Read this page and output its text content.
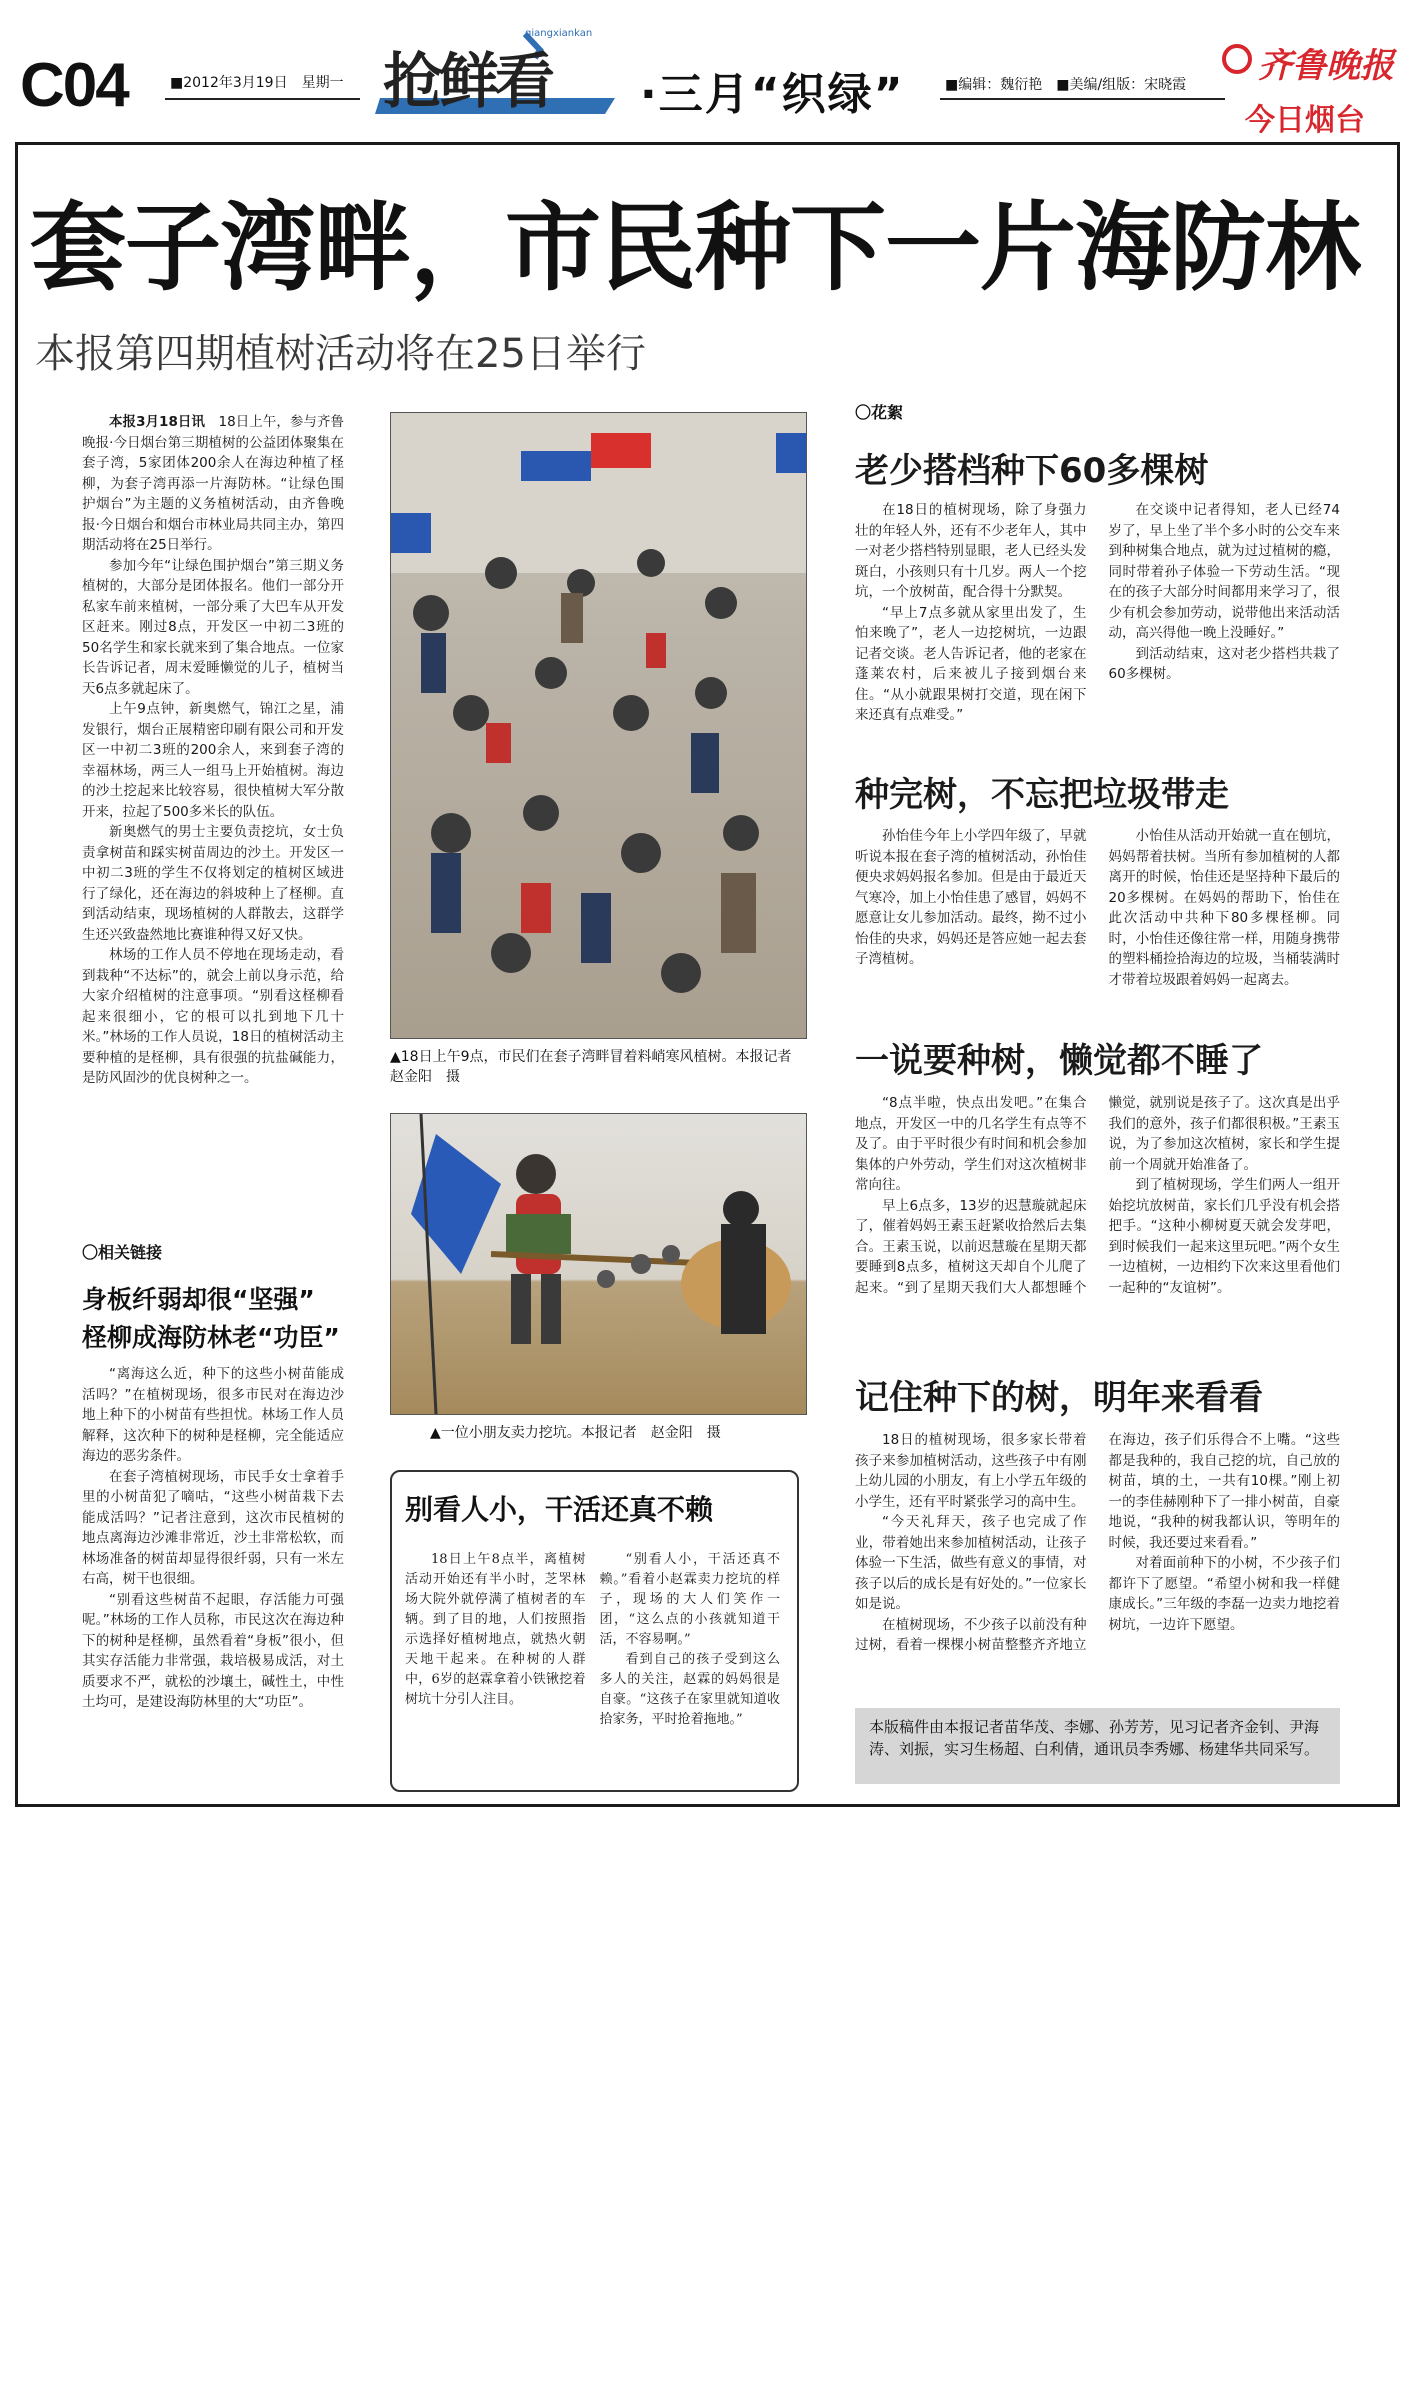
C04	■2012年3月19日　星期一 抢鲜看
qiangxiankan
·三月“织绿”	■编辑：魏衍艳　■美编/组版：宋晓霞 齐鲁晚报
今日烟台
套子湾畔，市民种下一片海防林
本报第四期植树活动将在25日举行

本报3月18日讯　 18日上午，参与齐鲁晚报·今日烟台第三期植树的公益团体聚集在套子湾，5家团体200余人在海边种植了柽柳，为套子湾再添一片海防林。“让绿色围护烟台”为主题的义务植树活动，由齐鲁晚报·今日烟台和烟台市林业局共同主办，第四期活动将在25日举行。

参加今年“让绿色围护烟台”第三期义务植树的，大部分是团体报名。他们一部分开私家车前来植树，一部分乘了大巴车从开发区赶来。刚过8点，开发区一中初二3班的50名学生和家长就来到了集合地点。一位家长告诉记者，周末爱睡懒觉的儿子，植树当天6点多就起床了。

上午9点钟，新奥燃气，锦江之星，浦发银行，烟台正展精密印刷有限公司和开发区一中初二3班的200余人，来到套子湾的幸福林场，两三人一组马上开始植树。海边的沙土挖起来比较容易，很快植树大军分散开来，拉起了500多米长的队伍。

新奥燃气的男士主要负责挖坑，女士负责拿树苗和踩实树苗周边的沙土。开发区一中初二3班的学生不仅将划定的植树区域进行了绿化，还在海边的斜坡种上了柽柳。直到活动结束，现场植树的人群散去，这群学生还兴致盎然地比赛谁种得又好又快。

林场的工作人员不停地在现场走动，看到栽种“不达标”的，就会上前以身示范，给大家介绍植树的注意事项。“别看这柽柳看起来很细小，它的根可以扎到地下几十米。”林场的工作人员说，18日的植树活动主要种植的是柽柳，具有很强的抗盐碱能力，是防风固沙的优良树种之一。

〇相关链接
身板纤弱却很“坚强”
柽柳成海防林老“功臣”

“离海这么近，种下的这些小树苗能成活吗？”在植树现场，很多市民对在海边沙地上种下的小树苗有些担忧。林场工作人员解释，这次种下的树种是柽柳，完全能适应海边的恶劣条件。

在套子湾植树现场，市民手女士拿着手里的小树苗犯了嘀咕，“这些小树苗栽下去能成活吗？”记者注意到，这次市民植树的地点离海边沙滩非常近，沙土非常松软，而林场准备的树苗却显得很纤弱，只有一米左右高，树干也很细。

“别看这些树苗不起眼，存活能力可强呢。”林场的工作人员称，市民这次在海边种下的树种是柽柳，虽然看着“身板”很小，但其实存活能力非常强，栽培极易成活，对土质要求不严，就松的沙壤土，碱性土，中性土均可，是建设海防林里的大“功臣”。

▲18日上午9点，市民们在套子湾畔冒着料峭寒风植树。本报记者　赵金阳　摄
▲一位小朋友卖力挖坑。本报记者　赵金阳　摄
别看人小，干活还真不赖

18日上午8点半，离植树活动开始还有半小时，芝罘林场大院外就停满了植树者的车辆。到了目的地，人们按照指示选择好植树地点，就热火朝天地干起来。在种树的人群中，6岁的赵霖拿着小铁锹挖着树坑十分引人注目。

“别看人小，干活还真不赖。”看着小赵霖卖力挖坑的样子，现场的大人们笑作一团，“这么点的小孩就知道干活，不容易啊。”

看到自己的孩子受到这么多人的关注，赵霖的妈妈很是自豪。“这孩子在家里就知道收拾家务，平时抢着拖地。”

〇花絮
老少搭档种下60多棵树

在18日的植树现场，除了身强力壮的年轻人外，还有不少老年人，其中一对老少搭档特别显眼，老人已经头发斑白，小孩则只有十几岁。两人一个挖坑，一个放树苗，配合得十分默契。

“早上7点多就从家里出发了，生怕来晚了”，老人一边挖树坑，一边跟记者交谈。老人告诉记者，他的老家在蓬莱农村，后来被儿子接到烟台来住。“从小就跟果树打交道，现在闲下来还真有点难受。”

在交谈中记者得知，老人已经74岁了，早上坐了半个多小时的公交车来到种树集合地点，就为过过植树的瘾，同时带着孙子体验一下劳动生活。“现在的孩子大部分时间都用来学习了，很少有机会参加劳动，说带他出来活动活动，高兴得他一晚上没睡好。”

到活动结束，这对老少搭档共栽了60多棵树。

种完树，不忘把垃圾带走

孙怡佳今年上小学四年级了，早就听说本报在套子湾的植树活动，孙怡佳便央求妈妈报名参加。但是由于最近天气寒冷，加上小怡佳患了感冒，妈妈不愿意让女儿参加活动。最终，拗不过小怡佳的央求，妈妈还是答应她一起去套子湾植树。

小怡佳从活动开始就一直在刨坑，妈妈帮着扶树。当所有参加植树的人都离开的时候，怡佳还是坚持种下最后的20多棵树。在妈妈的帮助下，怡佳在此次活动中共种下80多棵柽柳。同时，小怡佳还像往常一样，用随身携带的塑料桶捡拾海边的垃圾，当桶装满时才带着垃圾跟着妈妈一起离去。

一说要种树，懒觉都不睡了

“8点半啦，快点出发吧。”在集合地点，开发区一中的几名学生有点等不及了。由于平时很少有时间和机会参加集体的户外劳动，学生们对这次植树非常向往。

早上6点多，13岁的迟慧璇就起床了，催着妈妈王素玉赶紧收拾然后去集合。王素玉说，以前迟慧璇在星期天都要睡到8点多，植树这天却自个儿爬了起来。“到了星期天我们大人都想睡个懒觉，就别说是孩子了。这次真是出乎我们的意外，孩子们都很积极。”王素玉说，为了参加这次植树，家长和学生提前一个周就开始准备了。

到了植树现场，学生们两人一组开始挖坑放树苗，家长们几乎没有机会搭把手。“这种小柳树夏天就会发芽吧，到时候我们一起来这里玩吧。”两个女生一边植树，一边相约下次来这里看他们一起种的“友谊树”。

记住种下的树，明年来看看

18日的植树现场，很多家长带着孩子来参加植树活动，这些孩子中有刚上幼儿园的小朋友，有上小学五年级的小学生，还有平时紧张学习的高中生。

“今天礼拜天，孩子也完成了作业，带着她出来参加植树活动，让孩子体验一下生活，做些有意义的事情，对孩子以后的成长是有好处的。”一位家长如是说。

在植树现场，不少孩子以前没有种过树，看着一棵棵小树苗整整齐齐地立在海边，孩子们乐得合不上嘴。“这些都是我种的，我自己挖的坑，自己放的树苗，填的土，一共有10棵。”刚上初一的李佳赫刚种下了一排小树苗，自豪地说，“我种的树我都认识，等明年的时候，我还要过来看看。”

对着面前种下的小树，不少孩子们都许下了愿望。“希望小树和我一样健康成长。”三年级的李磊一边卖力地挖着树坑，一边许下愿望。

本版稿件由本报记者苗华茂、李娜、孙芳芳，见习记者齐金钊、尹海涛、刘振，实习生杨超、白利倩，通讯员李秀娜、杨建华共同采写。
